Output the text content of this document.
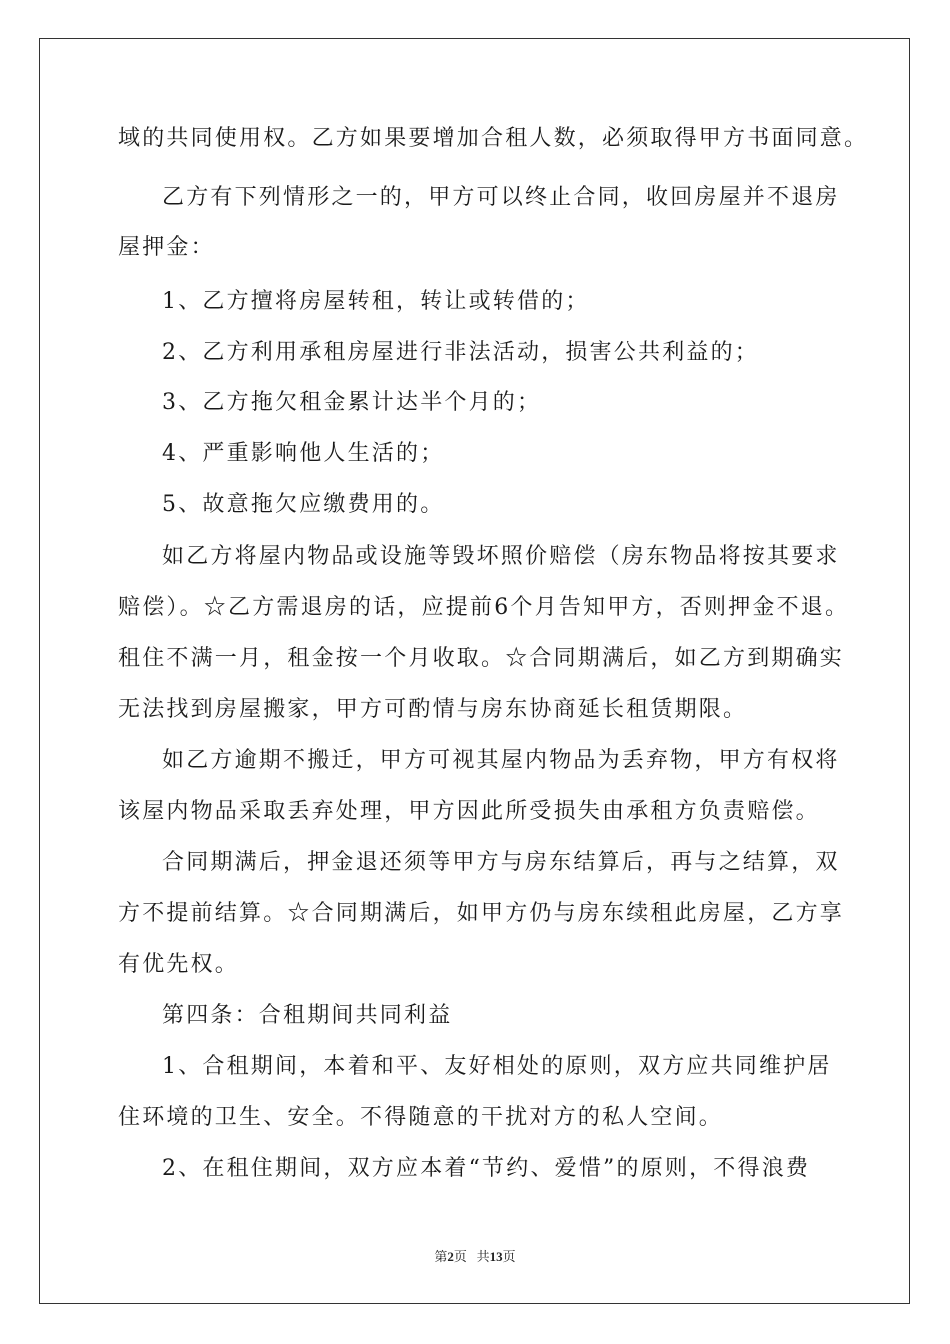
域的共同使用权。乙方如果要增加合租人数，必须取得甲方书面同意。
乙方有下列情形之一的，甲方可以终止合同，收回房屋并不退房
屋押金：
1、乙方擅将房屋转租，转让或转借的；
2、乙方利用承租房屋进行非法活动，损害公共利益的；
3、乙方拖欠租金累计达半个月的；
4、严重影响他人生活的；
5、故意拖欠应缴费用的。
如乙方将屋内物品或设施等毁坏照价赔偿（房东物品将按其要求
赔偿）。☆乙方需退房的话，应提前6个月告知甲方，否则押金不退。
租住不满一月，租金按一个月收取。☆合同期满后，如乙方到期确实
无法找到房屋搬家，甲方可酌情与房东协商延长租赁期限。
如乙方逾期不搬迁，甲方可视其屋内物品为丢弃物，甲方有权将
该屋内物品采取丢弃处理，甲方因此所受损失由承租方负责赔偿。
合同期满后，押金退还须等甲方与房东结算后，再与之结算，双
方不提前结算。☆合同期满后，如甲方仍与房东续租此房屋，乙方享
有优先权。
第四条：合租期间共同利益
1、合租期间，本着和平、友好相处的原则，双方应共同维护居
住环境的卫生、安全。不得随意的干扰对方的私人空间。
2、在租住期间，双方应本着“节约、爱惜”的原则，不得浪费
第2页 共13页
